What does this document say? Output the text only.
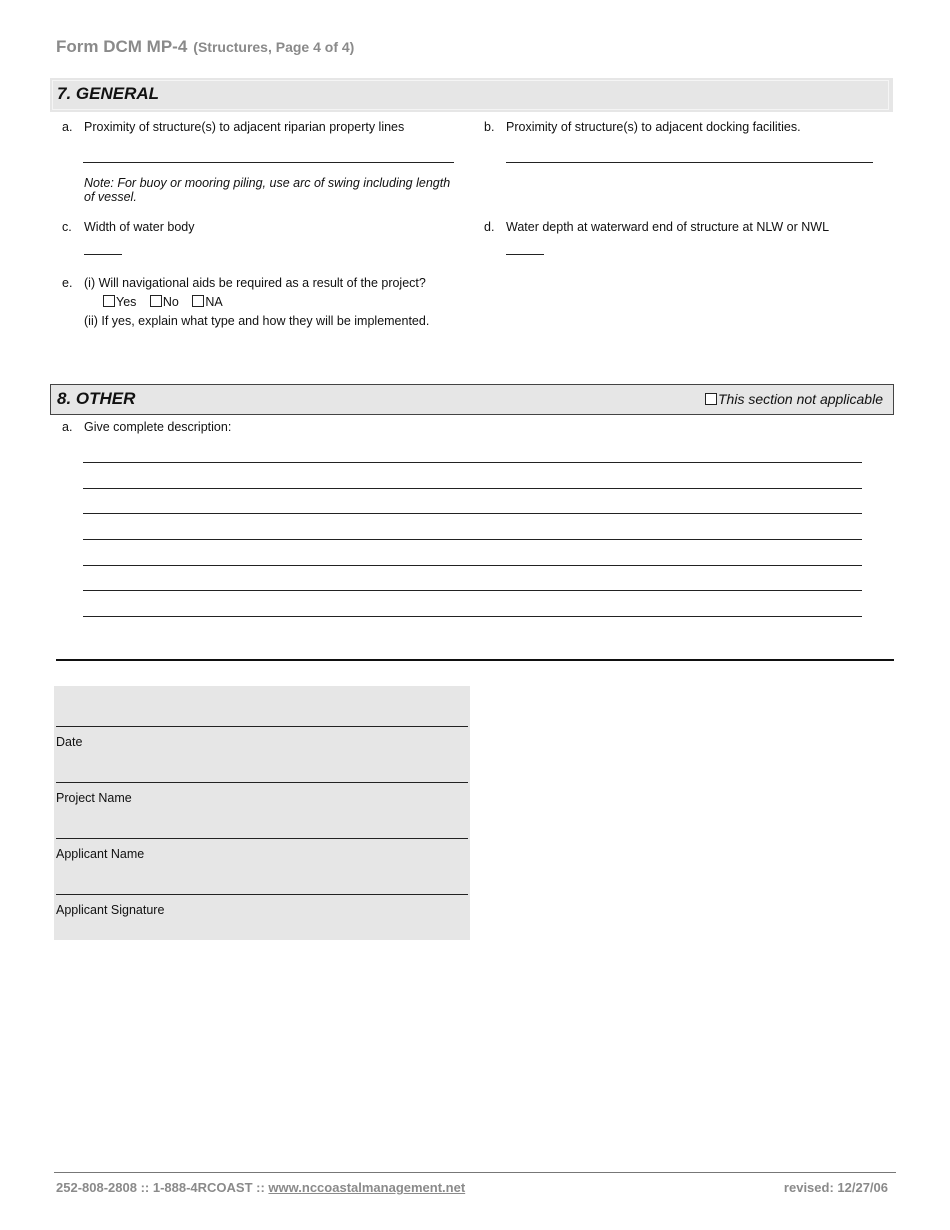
Form DCM MP-4 (Structures, Page 4 of 4)
7. GENERAL
a. Proximity of structure(s) to adjacent riparian property lines
Note: For buoy or mooring piling, use arc of swing including length of vessel.
b. Proximity of structure(s) to adjacent docking facilities.
c. Width of water body	d. Water depth at waterward end of structure at NLW or NWL
e. (i) Will navigational aids be required as a result of the project?
Yes No NA
(ii) If yes, explain what type and how they will be implemented.
8. OTHER	This section not applicable
a. Give complete description:
Date
Project Name
Applicant Name
Applicant Signature
252-808-2808 :: 1-888-4RCOAST :: www.nccoastalmanagement.net	revised: 12/27/06
